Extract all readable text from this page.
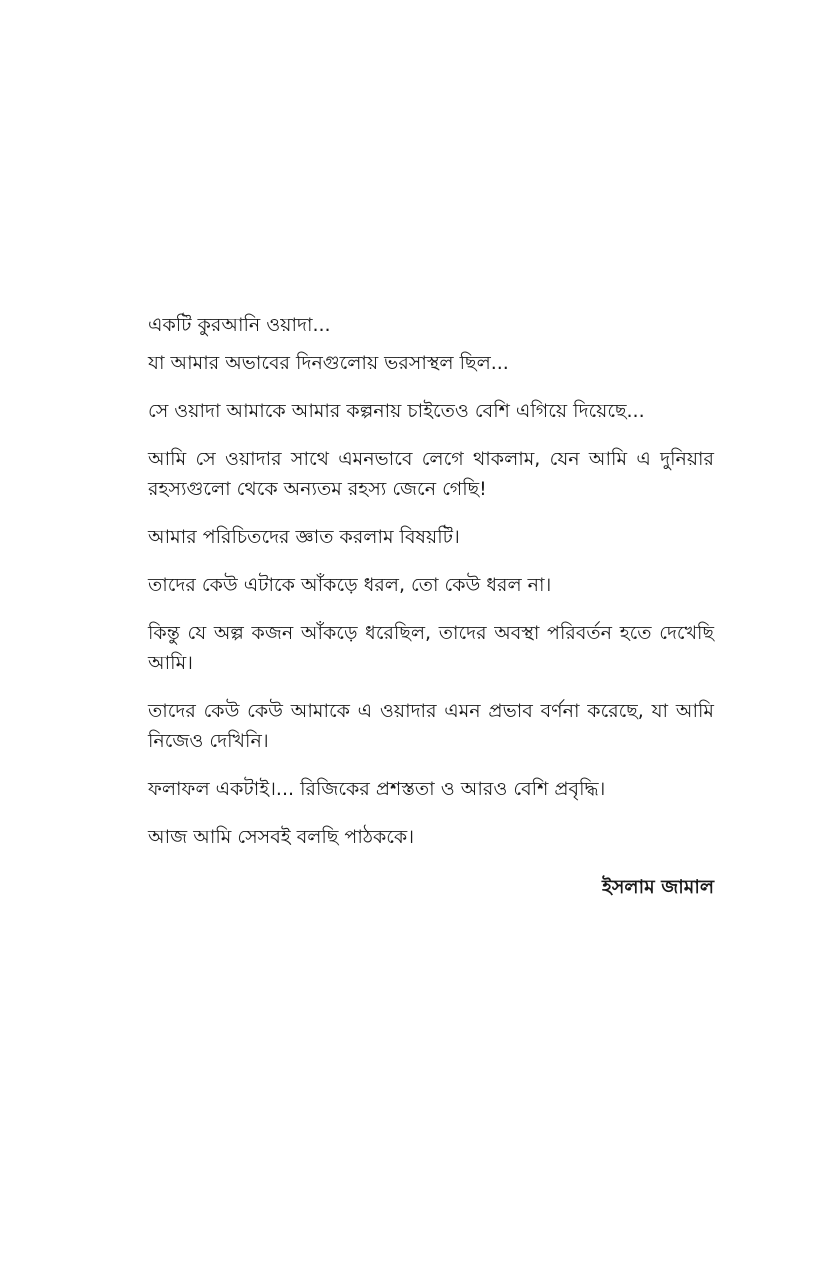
একটি কুরআনি ওয়াদা...

যা আমার অভাবের দিনগুলোয় ভরসাস্থল ছিল...

সে ওয়াদা আমাকে আমার কল্পনায় চাইতেও বেশি এগিয়ে দিয়েছে...

আমি সে ওয়াদার সাথে এমনভাবে লেগে থাকলাম, যেন আমি এ দুনিয়ার রহস্যগুলো থেকে অন্যতম রহস্য জেনে গেছি!

আমার পরিচিতদের জ্ঞাত করলাম বিষয়টি।

তাদের কেউ এটাকে আঁকড়ে ধরল, তো কেউ ধরল না।

কিন্তু যে অল্প কজন আঁকড়ে ধরেছিল, তাদের অবস্থা পরিবর্তন হতে দেখেছি আমি।

তাদের কেউ কেউ আমাকে এ ওয়াদার এমন প্রভাব বর্ণনা করেছে, যা আমি নিজেও দেখিনি।

ফলাফল একটাই।... রিজিকের প্রশস্ততা ও আরও বেশি প্রবৃদ্ধি।

আজ আমি সেসবই বলছি পাঠককে।

ইসলাম জামাল
